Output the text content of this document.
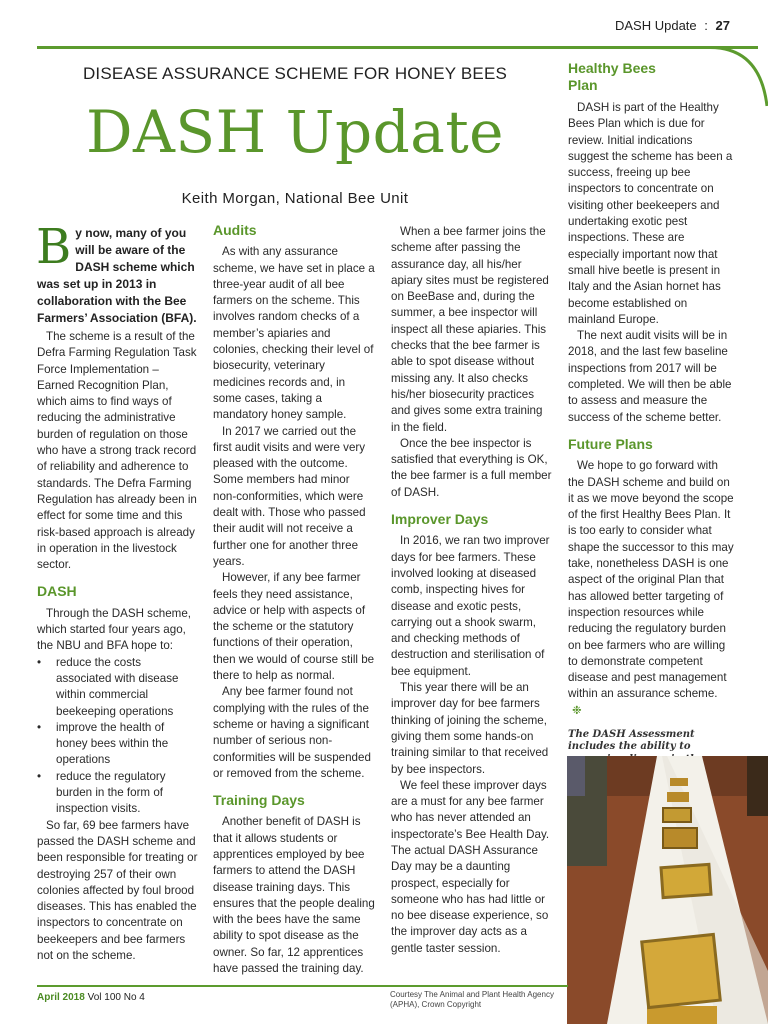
DASH Update : 27
DISEASE ASSURANCE SCHEME FOR HONEY BEES
DASH Update
Keith Morgan, National Bee Unit

By now, many of you will be aware of the DASH scheme which was set up in 2013 in collaboration with the Bee Farmers’ Association (BFA).

The scheme is a result of the Defra Farming Regulation Task Force Implementation – Earned Recognition Plan, which aims to find ways of reducing the administrative burden of regulation on those who have a strong track record of reliability and adherence to standards. The Defra Farming Regulation has already been in effect for some time and this risk-based approach is already in operation in the livestock sector.

DASH

Through the DASH scheme, which started four years ago, the NBU and BFA hope to:

• reduce the costs associated with disease within commercial beekeeping operations
• improve the health of honey bees within the operations
• reduce the regulatory burden in the form of inspection visits.

So far, 69 bee farmers have passed the DASH scheme and been responsible for treating or destroying 257 of their own colonies affected by foul brood diseases. This has enabled the inspectors to concentrate on beekeepers and bee farmers not on the scheme.

Audits

As with any assurance scheme, we have set in place a three-year audit of all bee farmers on the scheme. This involves random checks of a member’s apiaries and colonies, checking their level of biosecurity, veterinary medicines records and, in some cases, taking a mandatory honey sample.

In 2017 we carried out the first audit visits and were very pleased with the outcome. Some members had minor non-conformities, which were dealt with. Those who passed their audit will not receive a further one for another three years.

However, if any bee farmer feels they need assistance, advice or help with aspects of the scheme or the statutory functions of their operation, then we would of course still be there to help as normal.

Any bee farmer found not complying with the rules of the scheme or having a significant number of serious non-conformities will be suspended or removed from the scheme.

Training Days

Another benefit of DASH is that it allows students or apprentices employed by bee farmers to attend the DASH disease training days. This ensures that the people dealing with the bees have the same ability to spot disease as the owner. So far, 12 apprentices have passed the training day.

When a bee farmer joins the scheme after passing the assurance day, all his/her apiary sites must be registered on BeeBase and, during the summer, a bee inspector will inspect all these apiaries. This checks that the bee farmer is able to spot disease without missing any. It also checks his/her biosecurity practices and gives some extra training in the field.

Once the bee inspector is satisfied that everything is OK, the bee farmer is a full member of DASH.

Improver Days

In 2016, we ran two improver days for bee farmers. These involved looking at diseased comb, inspecting hives for disease and exotic pests, carrying out a shook swarm, and checking methods of destruction and sterilisation of bee equipment.

This year there will be an improver day for bee farmers thinking of joining the scheme, giving them some hands-on training similar to that received by bee inspectors.

We feel these improver days are a must for any bee farmer who has never attended an inspectorate’s Bee Health Day. The actual DASH Assurance Day may be a daunting prospect, especially for someone who has had little or no bee disease experience, so the improver day acts as a gentle taster session.

Healthy Bees Plan

DASH is part of the Healthy Bees Plan which is due for review. Initial indications suggest the scheme has been a success, freeing up bee inspectors to concentrate on visiting other beekeepers and undertaking exotic pest inspections. These are especially important now that small hive beetle is present in Italy and the Asian hornet has become established on mainland Europe.

The next audit visits will be in 2018, and the last few baseline inspections from 2017 will be completed. We will then be able to assess and measure the success of the scheme better.

Future Plans

We hope to go forward with the DASH scheme and build on it as we move beyond the scope of the first Healthy Bees Plan. It is too early to consider what shape the successor to this may take, nonetheless DASH is one aspect of the original Plan that has allowed better targeting of inspection resources while reducing the regulatory burden on bee farmers who are willing to demonstrate competent disease and pest management within an assurance scheme. ❉

The DASH Assessment includes the ability to

April 2018 Vol 100 No 4	Courtesy The Animal and Plant Health Agency (APHA), Crown Copyright
